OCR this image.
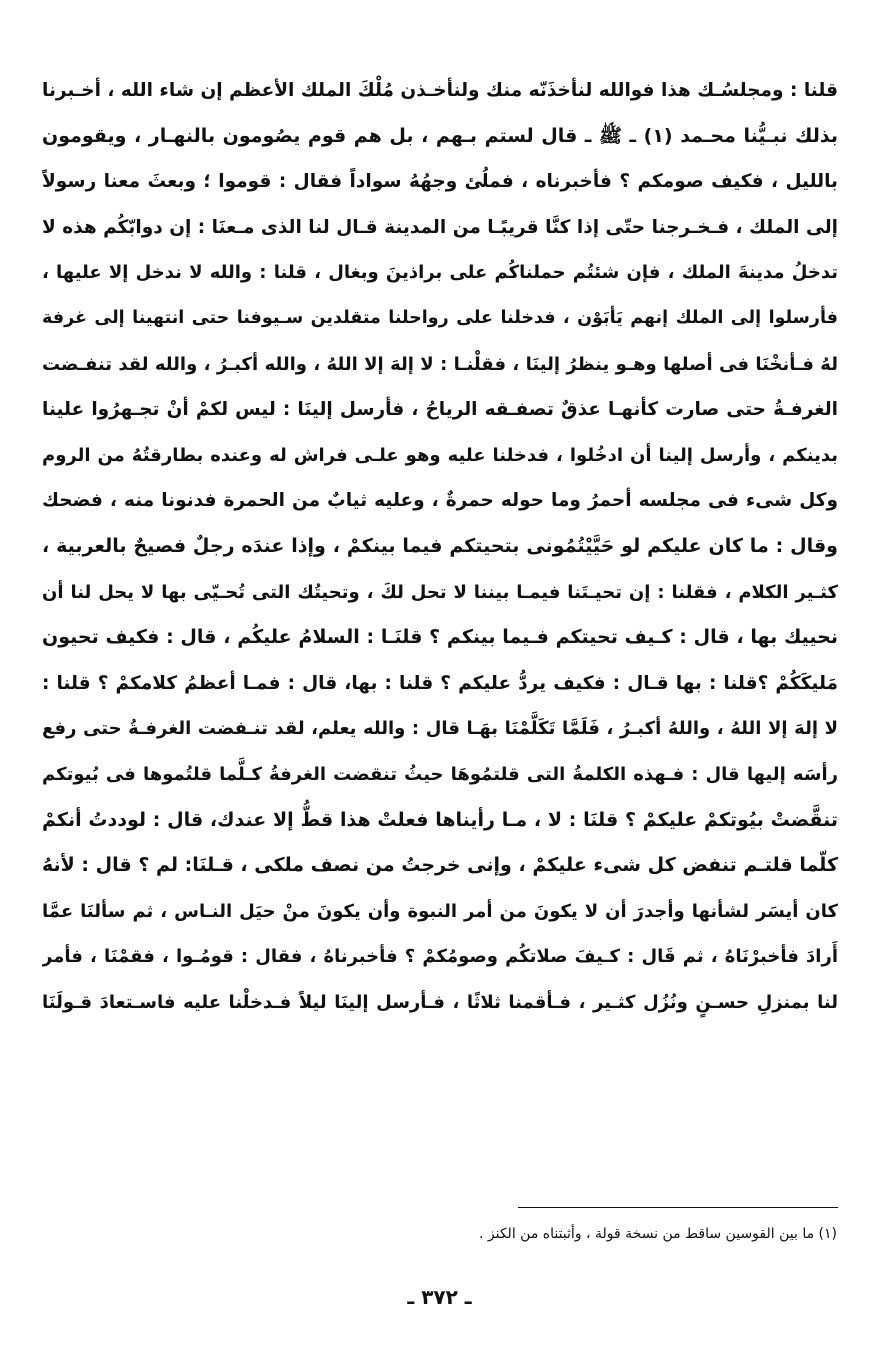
قلنا : ومجلسُـك هذا فوالله لنأخذَنّه منك ولنأخـذن مُلْكَ الملك الأعظم إن شاء الله ، أخـبرنا
بذلك نبـيُّنا محـمد (١) ـ ﷺ ـ قال لستم بـهم ، بل هم قوم يصُومون بالنهـار ، ويقومون
بالليل ، فكيف صومكم ؟ فأخبرناه ، فملُئ وجهُهُ سواداً فقال : قوموا ؛ وبعثَ معنا رسولاً
إلى الملك ، فـخـرجنا حتّى إذا كنَّا قريبًـا من المدينة قـال لنا الذى مـعنَا : إن دوابّكُم هذه لا
تدخلُ مدينةَ الملك ، فإن شئتُم حملناكُم على براذينَ وبغال ، قلنا : والله لا ندخل إلا عليها ،
فأرسلوا إلى الملك إنهم يَأبَوْن ، فدخلنا على رواحلنا متقلدين سـيوفنا حتى انتهينا إلى غرفة
لهُ فـأنخْنَا فى أصلها وهـو ينظرُ إلينَا ، فقلْنـا : لا إلهَ إلا اللهُ ، والله أكبـرُ ، والله لقد تنفـضت
الغرفـةُ حتى صارت كأنهـا عذقٌ تصفـقه الرياحُ ، فأرسل إلينَا : ليس لكمْ أنْ تجـهرُوا علينا
بدينكم ، وأرسل إلينا أن ادخُلوا ، فدخلنا عليه وهو علـى فراش له وعنده بطارقتُهُ من الروم
وكل شىء فى مجلسه أحمرُ وما حوله حمرةٌ ، وعليه ثيابٌ من الحمرة فدنونا منه ، فضحك
وقال : ما كان عليكم لو حَيَّيْتُمُونى بتحيتكم فيما بينكمْ ، وإذا عندَه رجلٌ فصيحٌ بالعربية ،
كثـير الكلام ، فقلنا : إن تحيـتَنا فيمـا بيننا لا تحل لكَ ، وتحيتُك التى تُحـيّى بها لا يحل لنا أن
نحييك بها ، قال : كـيف تحيتكم فـيما بينكم ؟ قلنَـا : السلامُ عليكُم ، قال : فكيف تحيون
مَليكَكُمْ ؟قلنا : بها قـال : فكيف يردُّ عليكم ؟ قلنا : بها، قال : فمـا أعظمُ كلامكمْ ؟ قلنا :
لا إلهَ إلا اللهُ ، واللهُ أكبـرُ ، فَلَمَّا تَكَلَّمْنَا بهَـا قال : والله يعلم، لقد تنـفضت الغرفـةُ حتى رفع
رأسَه إليها قال : فـهذه الكلمةُ التى قلتمُوهَا حيثُ تنقضت الغرفةُ كـلَّما قلتُموها فى بُيوتكم
تنقَّضتْ بيُوتكمْ عليكمْ ؟ قلنَا : لا ، مـا رأيناها فعلتْ هذا قطُّ إلا عندك، قال : لوددتُ أنكمْ
كلّما قلتـم تنفض كل شىء عليكمْ ، وإنى خرجتُ من نصف ملكى ، قـلنَا: لم ؟ قال : لأنهُ
كان أيسَر لشأنها وأجدرَ أن لا يكونَ من أمر النبوة وأن يكونَ منْ حيَل النـاس ، ثم سألنَا عمَّا
أَرادَ فأخبرْنَاهُ ، ثم قَال : كـيفَ صلاتكُم وصومُكمْ ؟ فأخبرناهُ ، فقال : قومُـوا ، فقمْنَا ، فأمر
لنا بمنزلِ حسـنٍ ونُزُل كثـير ، فـأقمنا ثلاثًا ، فـأرسل إلينَا ليلاً فـدخلْنا عليه فاسـتعادَ قـولَنَا
(١) ما بين القوسين ساقط من نسخة قولة ، وأثبتناه من الكنز .
ـ ٣٧٢ ـ
